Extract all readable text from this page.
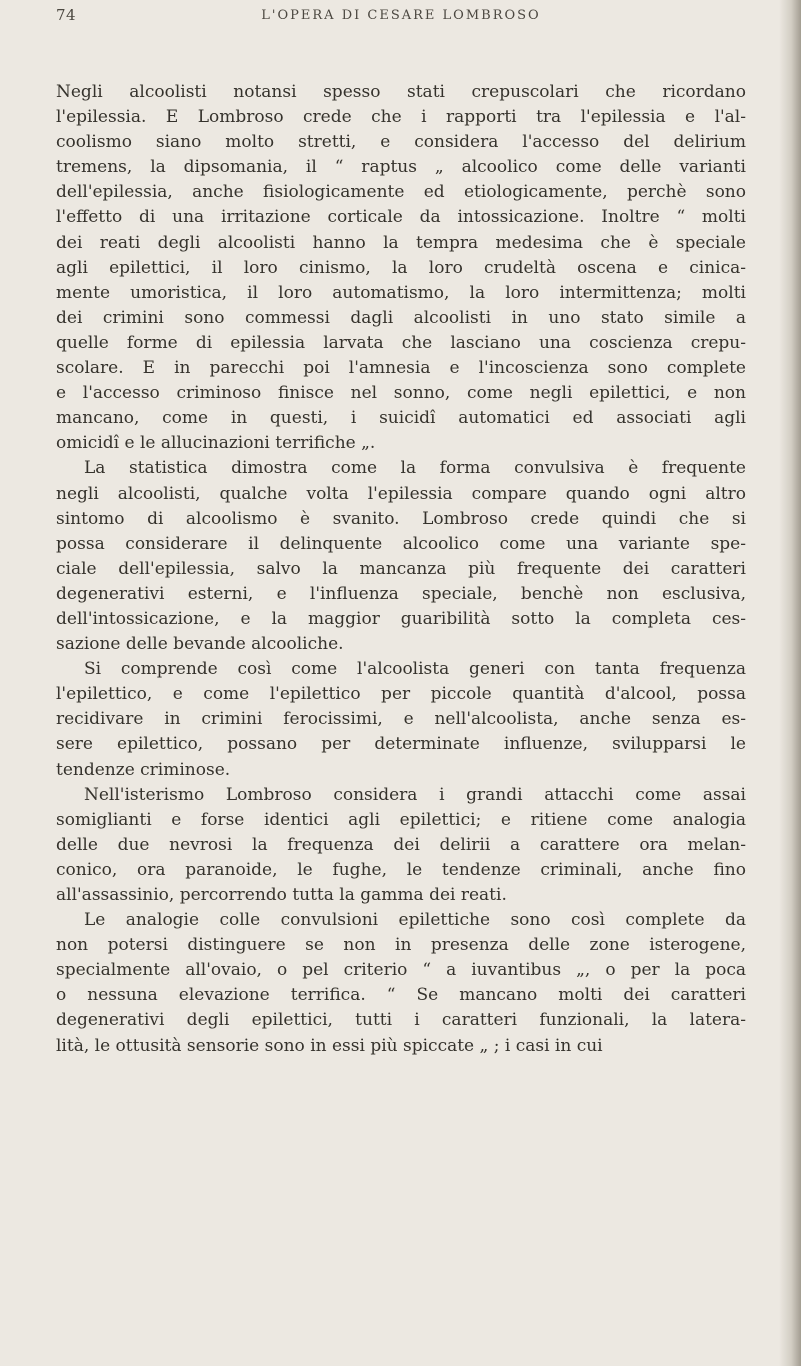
74	L'OPERA DI CESARE LOMBROSO

Negli alcoolisti notansi spesso stati crepuscolari che ricordano
l'epilessia. E Lombroso crede che i rapporti tra l'epilessia e l'al-
coolismo siano molto stretti, e considera l'accesso del delirium
tremens, la dipsomania, il “ raptus „ alcoolico come delle varianti
dell'epilessia, anche fisiologicamente ed etiologicamente, perchè sono
l'effetto di una irritazione corticale da intossicazione. Inoltre “ molti
dei reati degli alcoolisti hanno la tempra medesima che è speciale
agli epilettici, il loro cinismo, la loro crudeltà oscena e cinica-
mente umoristica, il loro automatismo, la loro intermittenza; molti
dei crimini sono commessi dagli alcoolisti in uno stato simile a
quelle forme di epilessia larvata che lasciano una coscienza crepu-
scolare. E in parecchi poi l'amnesia e l'incoscienza sono complete
e l'accesso criminoso finisce nel sonno, come negli epilettici, e non
mancano, come in questi, i suicidî automatici ed associati agli
omicidî e le allucinazioni terrifiche „.

La statistica dimostra come la forma convulsiva è frequente
negli alcoolisti, qualche volta l'epilessia compare quando ogni altro
sintomo di alcoolismo è svanito. Lombroso crede quindi che si
possa considerare il delinquente alcoolico come una variante spe-
ciale dell'epilessia, salvo la mancanza più frequente dei caratteri
degenerativi esterni, e l'influenza speciale, benchè non esclusiva,
dell'intossicazione, e la maggior guaribilità sotto la completa ces-
sazione delle bevande alcooliche.

Si comprende così come l'alcoolista generi con tanta frequenza
l'epilettico, e come l'epilettico per piccole quantità d'alcool, possa
recidivare in crimini ferocissimi, e nell'alcoolista, anche senza es-
sere epilettico, possano per determinate influenze, svilupparsi le
tendenze criminose.

Nell'isterismo Lombroso considera i grandi attacchi come assai
somiglianti e forse identici agli epilettici; e ritiene come analogia
delle due nevrosi la frequenza dei delirii a carattere ora melan-
conico, ora paranoide, le fughe, le tendenze criminali, anche fino
all'assassinio, percorrendo tutta la gamma dei reati.

Le analogie colle convulsioni epilettiche sono così complete da
non potersi distinguere se non in presenza delle zone isterogene,
specialmente all'ovaio, o pel criterio “ a iuvantibus „, o per la poca
o nessuna elevazione terrifica. “ Se mancano molti dei caratteri
degenerativi degli epilettici, tutti i caratteri funzionali, la latera-
lità, le ottusità sensorie sono in essi più spiccate „ ; i casi in cui
